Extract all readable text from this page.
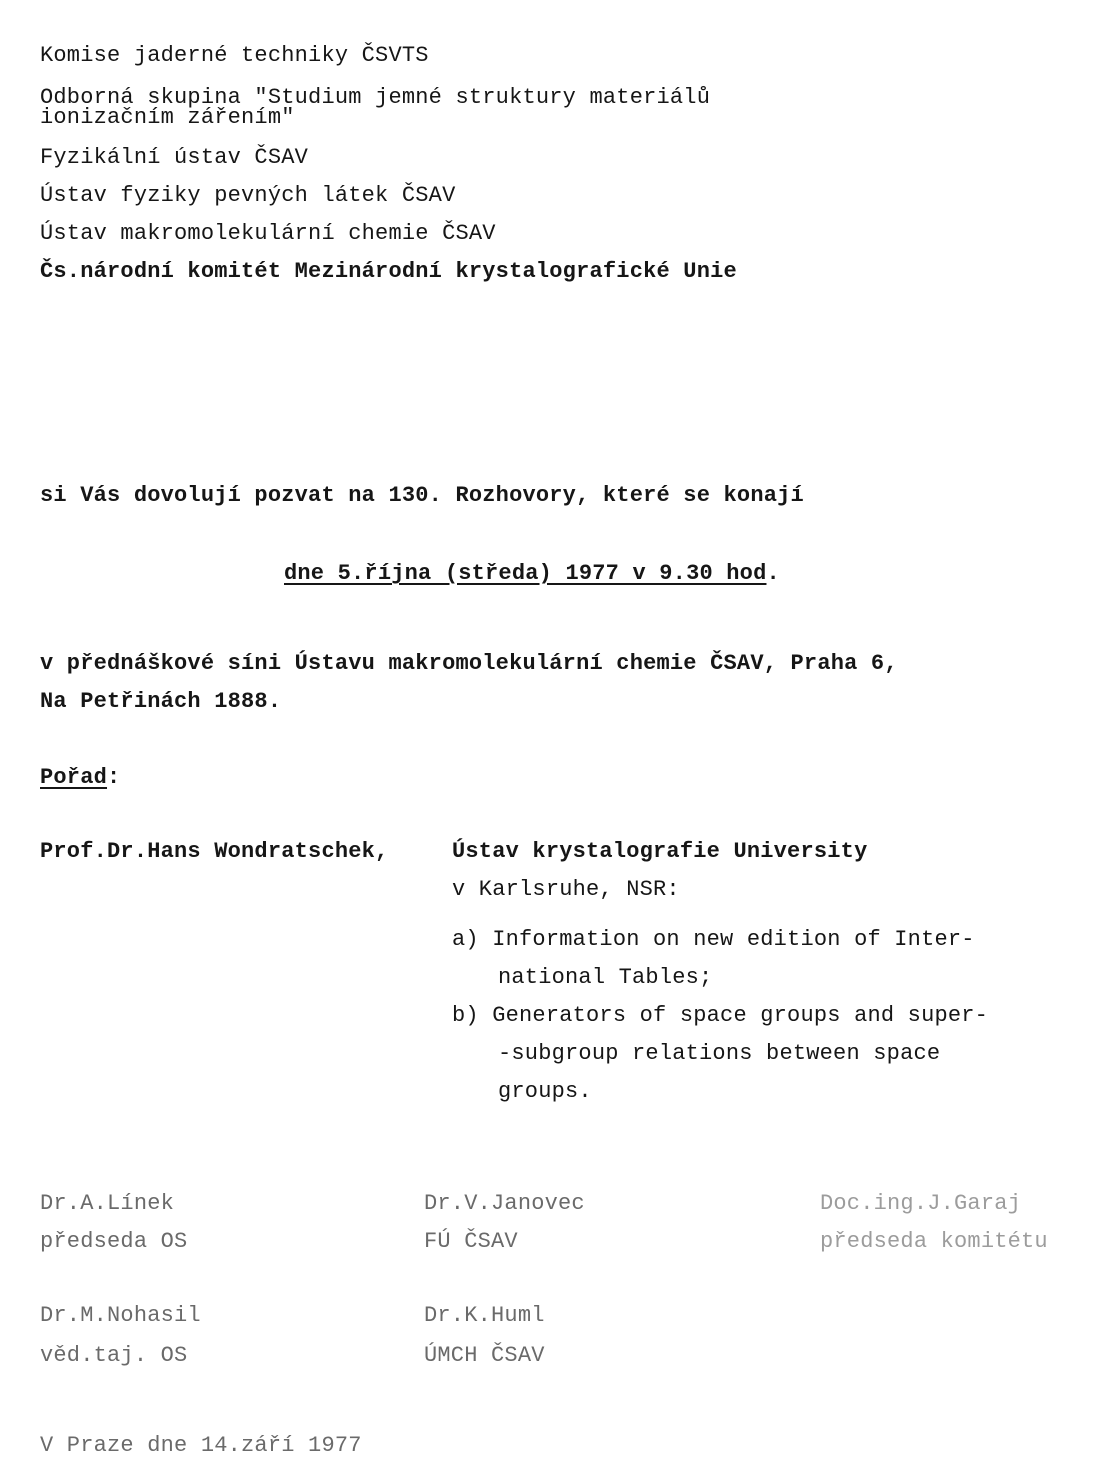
Komise jaderné techniky ČSVTS
Odborná skupina "Studium jemné struktury materiálů
ionizačním zářením"
Fyzikální ústav ČSAV
Ústav fyziky pevných látek ČSAV
Ústav makromolekulární chemie ČSAV
Čs.národní komitét Mezinárodní krystalografické Unie
si Vás dovolují pozvat na 130. Rozhovory, které se konají
dne 5.října (středa) 1977 v 9.30 hod.
v přednáškové síni Ústavu makromolekulární chemie ČSAV, Praha 6,
Na Petřinách 1888.
Pořad:
Prof.Dr.Hans Wondratschek,	Ústav krystalografie University
v Karlsruhe, NSR:
a) Information on new edition of Inter-
national Tables;
b) Generators of space groups and super-
-subgroup relations between space
groups.
Dr.A.Línek
předseda OS
Dr.V.Janovec
FÚ ČSAV
Doc.ing.J.Garaj
předseda komitétu
Dr.M.Nohasil
věd.taj. OS
Dr.K.Huml
ÚMCH ČSAV
V Praze dne 14.září 1977
